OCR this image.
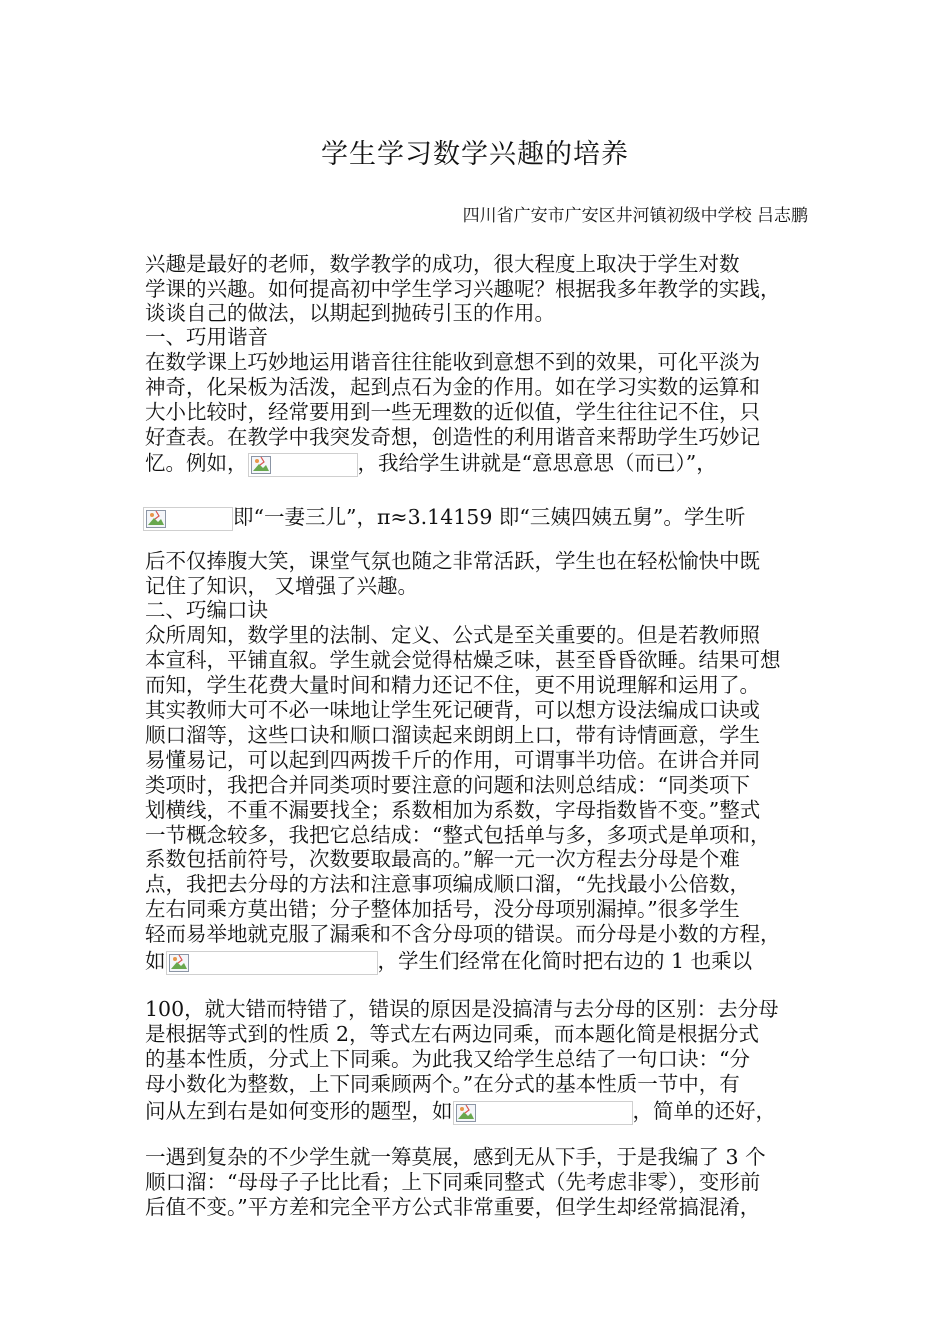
学生学习数学兴趣的培养
四川省广安市广安区井河镇初级中学校 吕志鹏
兴趣是最好的老师，数学教学的成功，很大程度上取决于学生对数
学课的兴趣。如何提高初中学生学习兴趣呢？根据我多年教学的实践，
谈谈自己的做法，以期起到抛砖引玉的作用。
一、巧用谐音
在数学课上巧妙地运用谐音往往能收到意想不到的效果，可化平淡为
神奇，化呆板为活泼，起到点石为金的作用。如在学习实数的运算和
大小比较时，经常要用到一些无理数的近似值，学生往往记不住，只
好查表。在教学中我突发奇想，创造性的利用谐音来帮助学生巧妙记
忆。例如，	，我给学生讲就是“意思意思（而已）”，
即“一妻三儿”，π≈3.14159 即“三姨四姨五舅”。学生听
后不仅捧腹大笑，课堂气氛也随之非常活跃，学生也在轻松愉快中既
记住了知识， 又增强了兴趣。
二、巧编口诀
众所周知，数学里的法制、定义、公式是至关重要的。但是若教师照
本宣科，平铺直叙。学生就会觉得枯燥乏味，甚至昏昏欲睡。结果可想
而知，学生花费大量时间和精力还记不住，更不用说理解和运用了。
其实教师大可不必一味地让学生死记硬背，可以想方设法编成口诀或
顺口溜等，这些口诀和顺口溜读起来朗朗上口，带有诗情画意，学生
易懂易记，可以起到四两拨千斤的作用，可谓事半功倍。在讲合并同
类项时，我把合并同类项时要注意的问题和法则总结成：“同类项下
划横线，不重不漏要找全；系数相加为系数，字母指数皆不变。”整式
一节概念较多，我把它总结成：“整式包括单与多，多项式是单项和，
系数包括前符号，次数要取最高的。”解一元一次方程去分母是个难
点，我把去分母的方法和注意事项编成顺口溜，“先找最小公倍数，
左右同乘方莫出错；分子整体加括号，没分母项别漏掉。”很多学生
轻而易举地就克服了漏乘和不含分母项的错误。而分母是小数的方程，
如	，学生们经常在化简时把右边的 1 也乘以
100，就大错而特错了，错误的原因是没搞清与去分母的区别：去分母
是根据等式到的性质 2，等式左右两边同乘，而本题化简是根据分式
的基本性质，分式上下同乘。为此我又给学生总结了一句口诀：“分
母小数化为整数，上下同乘顾两个。”在分式的基本性质一节中，有
问从左到右是如何变形的题型，如	，简单的还好，
一遇到复杂的不少学生就一筹莫展，感到无从下手，于是我编了 3 个
顺口溜：“母母子子比比看；上下同乘同整式（先考虑非零），变形前
后值不变。”平方差和完全平方公式非常重要，但学生却经常搞混淆，
